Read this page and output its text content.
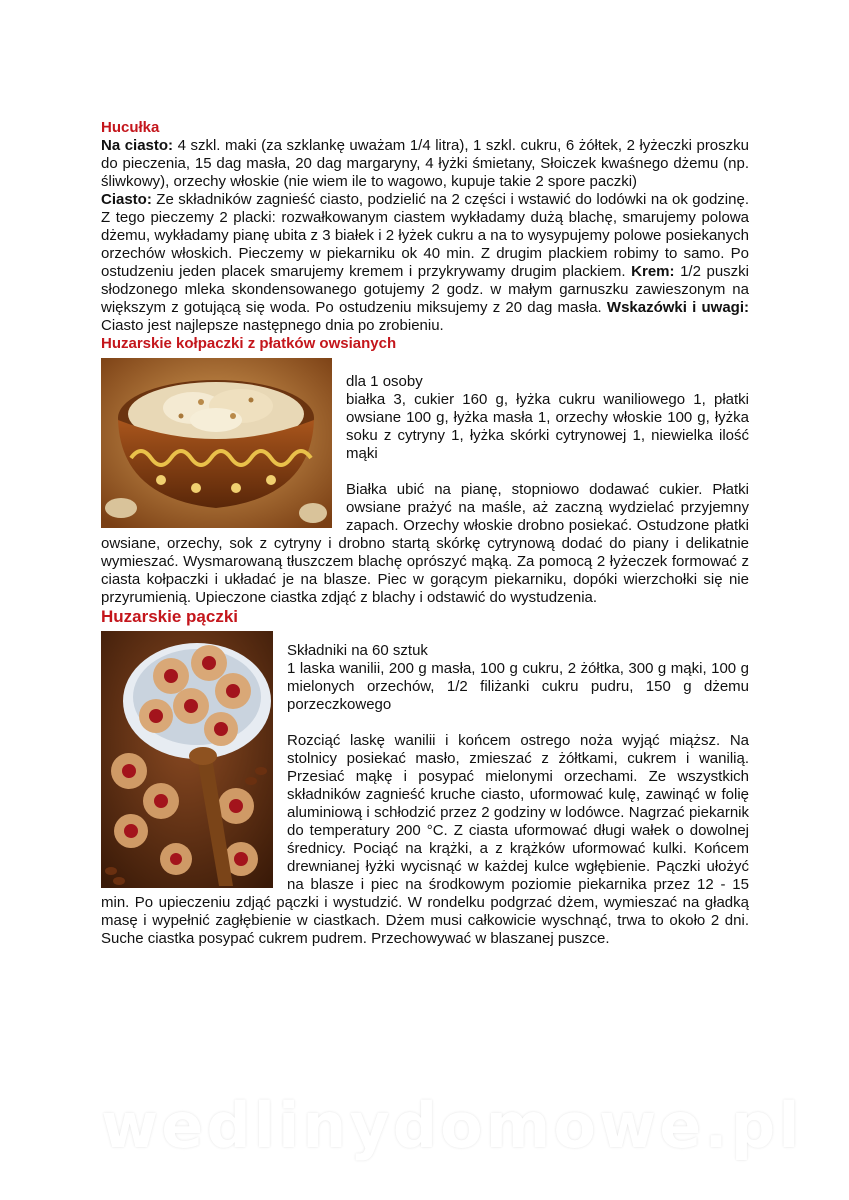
Hucułka

Na ciasto: 4 szkl. maki (za szklankę uważam 1/4 litra), 1 szkl. cukru, 6 żółtek, 2 łyżeczki proszku do pieczenia, 15 dag masła, 20 dag margaryny, 4 łyżki śmietany, Słoiczek kwaśnego dżemu (np. śliwkowy), orzechy włoskie (nie wiem ile to wagowo, kupuje takie 2 spore paczki)

Ciasto: Ze składników zagnieść ciasto, podzielić na 2 części i wstawić do lodówki na ok godzinę. Z tego pieczemy 2 placki: rozwałkowanym ciastem wykładamy dużą blachę, smarujemy polowa dżemu, wykładamy pianę ubita z 3 białek i 2 łyżek cukru a na to wysypujemy polowe posiekanych orzechów włoskich. Pieczemy w piekarniku ok 40 min. Z drugim plackiem robimy to samo. Po ostudzeniu jeden placek smarujemy kremem i przykrywamy drugim plackiem. Krem: 1/2 puszki słodzonego mleka skondensowanego gotujemy 2 godz. w małym garnuszku zawieszonym na większym z gotującą się woda. Po ostudzeniu miksujemy z 20 dag masła. Wskazówki i uwagi: Ciasto jest najlepsze następnego dnia po zrobieniu.

Huzarskie kołpaczki z płatków owsianych

dla 1 osoby

białka 3, cukier 160 g, łyżka cukru waniliowego 1, płatki owsiane 100 g, łyżka masła 1, orzechy włoskie 100 g, łyżka soku z cytryny 1, łyżka skórki cytrynowej 1, niewielka ilość mąki

Białka ubić na pianę, stopniowo dodawać cukier. Płatki owsiane prażyć na maśle, aż zaczną wydzielać przyjemny zapach. Orzechy włoskie drobno posiekać. Ostudzone płatki owsiane, orzechy, sok z cytryny i drobno startą skórkę cytrynową dodać do piany i delikatnie wymieszać. Wysmarowaną tłuszczem blachę oprószyć mąką. Za pomocą 2 łyżeczek formować z ciasta kołpaczki i układać je na blasze. Piec w gorącym piekarniku, dopóki wierzchołki się nie przyrumienią. Upieczone ciastka zdjąć z blachy i odstawić do wystudzenia.

Huzarskie pączki

Składniki na 60 sztuk

1 laska wanilii, 200 g masła, 100 g cukru, 2 żółtka, 300 g mąki, 100 g mielonych orzechów, 1/2 filiżanki cukru pudru, 150 g dżemu porzeczkowego

Rozciąć laskę wanilii i końcem ostrego noża wyjąć miąższ. Na stolnicy posiekać masło, zmieszać z żółtkami, cukrem i wanilią. Przesiać mąkę i posypać mielonymi orzechami. Ze wszystkich składników zagnieść kruche ciasto, uformować kulę, zawinąć w folię aluminiową i schłodzić przez 2 godziny w lodówce. Nagrzać piekarnik do temperatury 200 °C. Z ciasta uformować długi wałek o dowolnej średnicy. Pociąć na krążki, a z krążków uformować kulki. Końcem drewnianej łyżki wycisnąć w każdej kulce wgłębienie. Pączki ułożyć na blasze i piec na środkowym poziomie piekarnika przez 12 - 15 min. Po upieczeniu zdjąć pączki i wystudzić. W rondelku podgrzać dżem, wymieszać na gładką masę i wypełnić zagłębienie w ciastkach. Dżem musi całkowicie wyschnąć, trwa to około 2 dni. Suche ciastka posypać cukrem pudrem. Przechowywać w blaszanej puszce.

wedlinydomowe.pl
